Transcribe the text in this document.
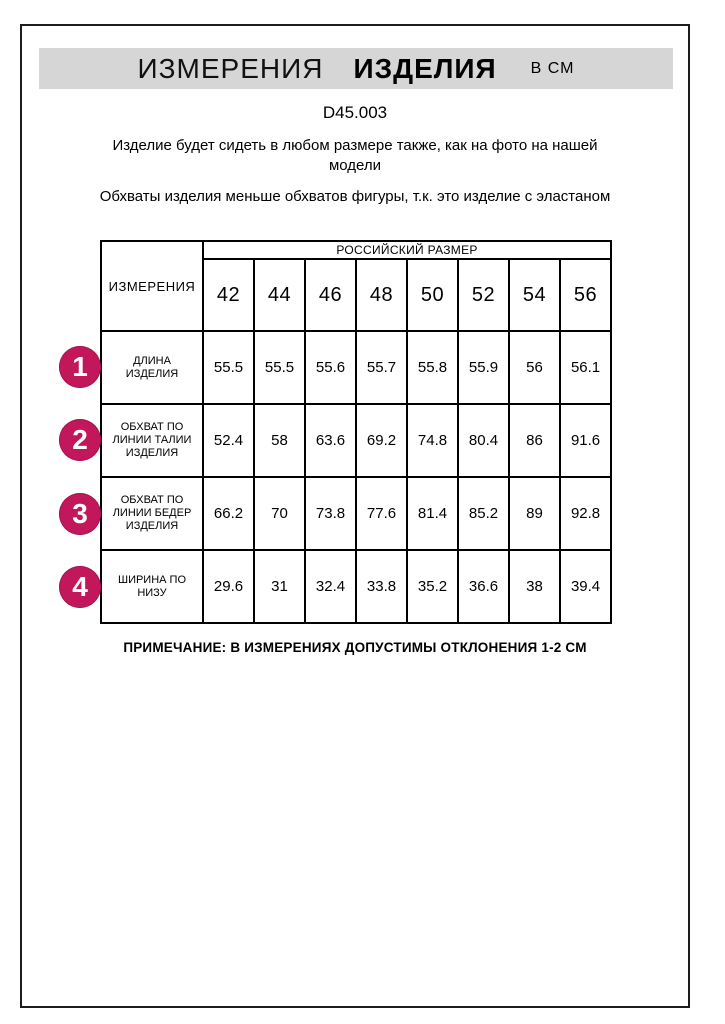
ИЗМЕРЕНИЯ ИЗДЕЛИЯ В СМ
D45.003

Изделие будет сидеть в любом размере также, как на фото на нашей модели

Обхваты изделия меньше обхватов фигуры, т.к. это изделие с эластаном

ИЗМЕРЕНИЯ	РОССИЙСКИЙ РАЗМЕР							
	42	44	46	48	50	52	54	56
ДЛИНА ИЗДЕЛИЯ	55.5	55.5	55.6	55.7	55.8	55.9	56	56.1
ОБХВАТ ПО ЛИНИИ ТАЛИИ ИЗДЕЛИЯ	52.4	58	63.6	69.2	74.8	80.4	86	91.6
ОБХВАТ ПО ЛИНИИ БЕДЕР ИЗДЕЛИЯ	66.2	70	73.8	77.6	81.4	85.2	89	92.8
ШИРИНА ПО НИЗУ	29.6	31	32.4	33.8	35.2	36.6	38	39.4
1
2
3
4
ПРИМЕЧАНИЕ: В ИЗМЕРЕНИЯХ ДОПУСТИМЫ ОТКЛОНЕНИЯ 1-2 СМ
